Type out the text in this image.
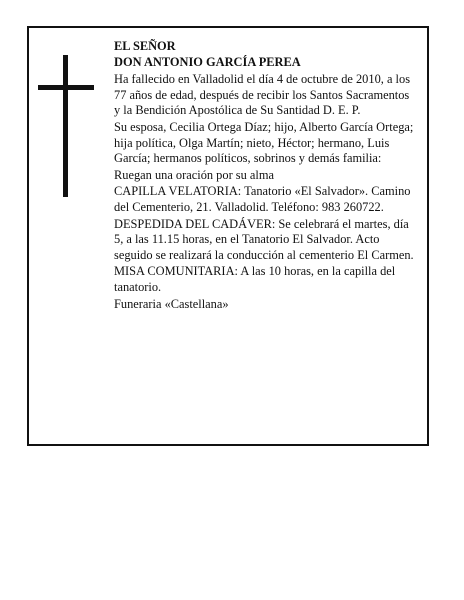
EL SEÑOR

DON ANTONIO GARCÍA PEREA

Ha fallecido en Valladolid el día 4 de octubre de 2010, a los 77 años de edad, después de recibir los Santos Sacramentos y la Bendición Apostólica de Su Santidad D. E. P.

Su esposa, Cecilia Ortega Díaz; hijo, Alberto García Ortega; hija política, Olga Martín; nieto, Héctor; hermano, Luis García; hermanos políticos, sobrinos y demás familia:

Ruegan una oración por su alma

CAPILLA VELATORIA: Tanatorio «El Salvador». Camino del Cementerio, 21. Valladolid. Teléfono: 983 260722.

DESPEDIDA DEL CADÁVER: Se celebrará el martes, día 5, a las 11.15 horas, en el Tanatorio El Salvador. Acto seguido se realizará la conducción al cementerio El Carmen.

MISA COMUNITARIA: A las 10 horas, en la capilla del tanatorio.

Funeraria «Castellana»
